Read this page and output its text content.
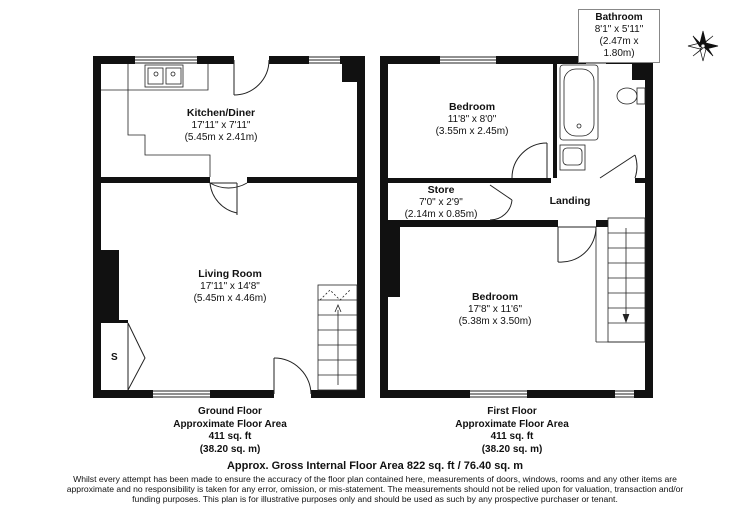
Kitchen/Diner
17'11" x 7'11"
(5.45m x 2.41m)
Living Room
17'11" x 14'8"
(5.45m x 4.46m)
S
Bathroom
8'1" x 5'11"
(2.47m x 1.80m)
Bedroom
11'8" x 8'0"
(3.55m x 2.45m)
Store
7'0" x 2'9"
(2.14m x 0.85m)
Landing
Bedroom
17'8" x 11'6"
(5.38m x 3.50m)
Ground Floor
Approximate Floor Area
411 sq. ft
(38.20 sq. m)
First Floor
Approximate Floor Area
411 sq. ft
(38.20 sq. m)
Approx. Gross Internal Floor Area 822 sq. ft / 76.40 sq. m
Whilst every attempt has been made to ensure the accuracy of the floor plan contained here, measurements of doors, windows, rooms and any other items are approximate and no responsibility is taken for any error, omission, or mis-statement. The measurements should not be relied upon for valuation, transaction and/or funding purposes. This plan is for illustrative purposes only and should be used as such by any prospective purchaser or tenant.
